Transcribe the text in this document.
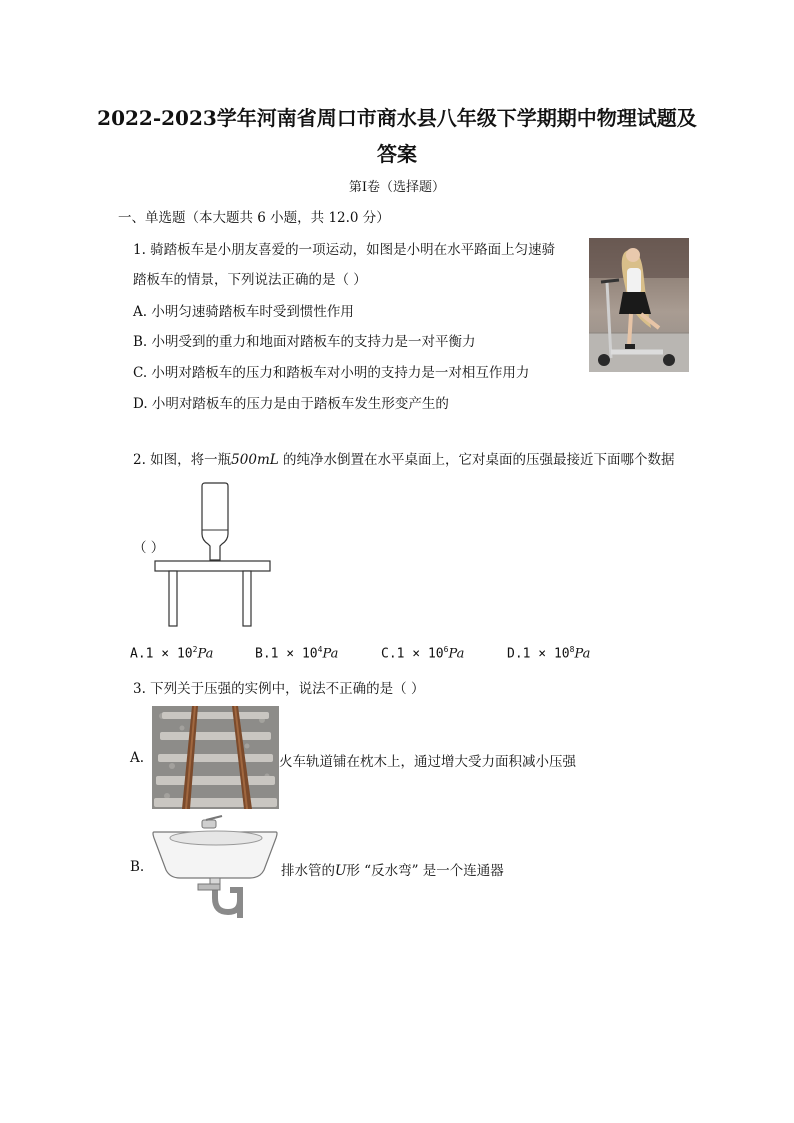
2022-2023学年河南省周口市商水县八年级下学期期中物理试题及
答案
第I卷（选择题）
一、单选题（本大题共 6 小题，共 12.0 分）
1. 骑踏板车是小朋友喜爱的一项运动，如图是小明在水平路面上匀速骑
踏板车的情景，下列说法正确的是（ ）
A. 小明匀速骑踏板车时受到惯性作用
B. 小明受到的重力和地面对踏板车的支持力是一对平衡力
C. 小明对踏板车的压力和踏板车对小明的支持力是一对相互作用力
D. 小明对踏板车的压力是由于踏板车发生形变产生的
2. 如图，将一瓶500mL 的纯净水倒置在水平桌面上，它对桌面的压强最接近下面哪个数据
（ ）
$A.1 \times 10^2Pa$	$B.1 \times 10^4Pa$	$C.1 \times 10^6Pa$	$D.1 \times 10^8Pa$
3. 下列关于压强的实例中，说法不正确的是（ ）
A.	火车轨道铺在枕木上，通过增大受力面积减小压强
B.	排水管的U形 “反水弯” 是一个连通器
